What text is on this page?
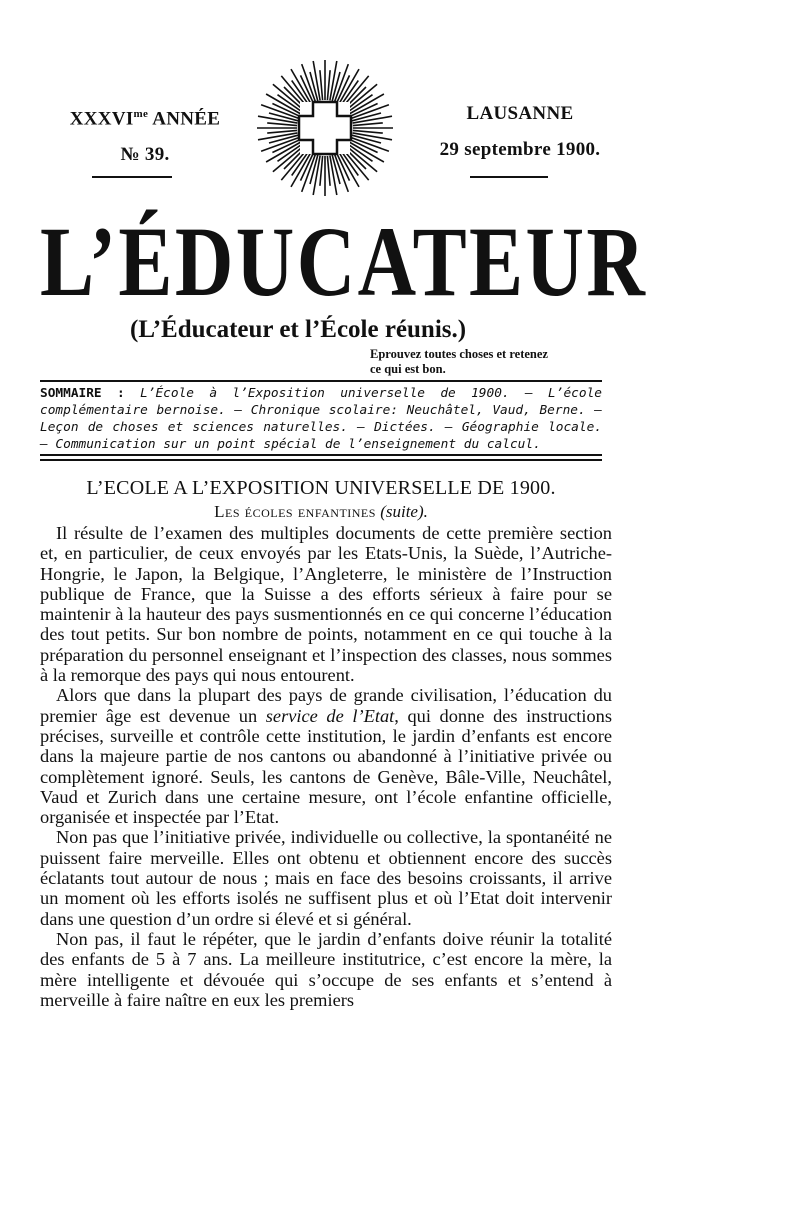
$XXXVI^{me}$ ANNÉE
№ 39.
LAUSANNE
29 septembre 1900.
L’ÉDUCATEUR
(L’Éducateur et l’École réunis.)
Eprouvez toutes choses et retenez
ce qui est bon.
SOMMAIRE : L’École à l’Exposition universelle de 1900. — L’école complémentaire bernoise. — Chronique scolaire: Neuchâtel, Vaud, Berne. — Leçon de choses et sciences naturelles. — Dictées. — Géographie locale. — Communication sur un point spécial de l’enseignement du calcul.
L’ECOLE A L’EXPOSITION UNIVERSELLE DE 1900.
Les écoles enfantines (suite).

Il résulte de l’examen des multiples documents de cette première section et, en particulier, de ceux envoyés par les Etats-Unis, la Suède, l’Autriche-Hongrie, le Japon, la Belgique, l’Angleterre, le ministère de l’Instruction publique de France, que la Suisse a des efforts sérieux à faire pour se maintenir à la hauteur des pays susmentionnés en ce qui concerne l’éducation des tout petits. Sur bon nombre de points, notamment en ce qui touche à la préparation du personnel enseignant et l’inspection des classes, nous sommes à la remorque des pays qui nous entourent.

Alors que dans la plupart des pays de grande civilisation, l’éducation du premier âge est devenue un service de l’Etat, qui donne des instructions précises, surveille et contrôle cette institution, le jardin d’enfants est encore dans la majeure partie de nos cantons ou abandonné à l’initiative privée ou complètement ignoré. Seuls, les cantons de Genève, Bâle-Ville, Neuchâtel, Vaud et Zurich dans une certaine mesure, ont l’école enfantine officielle, organisée et inspectée par l’Etat.

Non pas que l’initiative privée, individuelle ou collective, la spontanéité ne puissent faire merveille. Elles ont obtenu et obtiennent encore des succès éclatants tout autour de nous ; mais en face des besoins croissants, il arrive un moment où les efforts isolés ne suffisent plus et où l’Etat doit intervenir dans une question d’un ordre si élevé et si général.

Non pas, il faut le répéter, que le jardin d’enfants doive réunir la totalité des enfants de 5 à 7 ans. La meilleure institutrice, c’est encore la mère, la mère intelligente et dévouée qui s’occupe de ses enfants et s’entend à merveille à faire naître en eux les premiers
